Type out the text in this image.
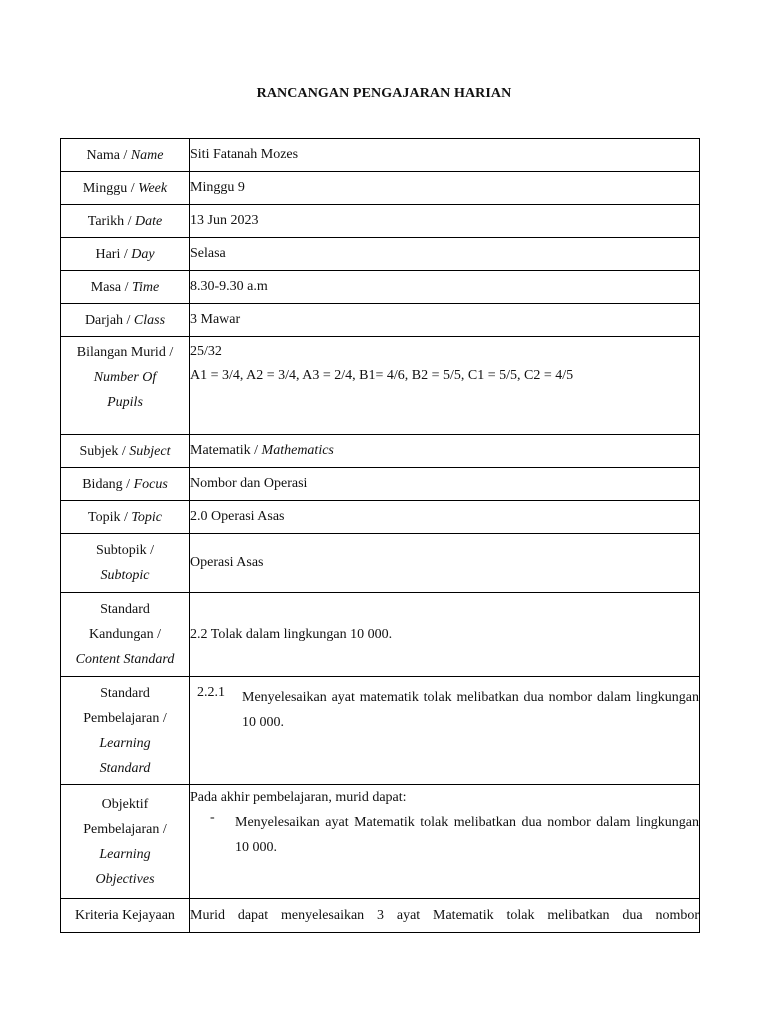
RANCANGAN PENGAJARAN HARIAN
Nama / Name	Siti Fatanah Mozes
Minggu / Week	Minggu 9
Tarikh / Date	13 Jun 2023
Hari / Day	Selasa
Masa / Time	8.30-9.30 a.m
Darjah / Class	3 Mawar

Bilangan Murid /
Number Of
Pupils	25/32
A1 = 3/4, A2 = 3/4, A3 = 2/4, B1= 4/6, B2 = 5/5, C1 = 5/5, C2 = 4/5

Subjek / Subject	Matematik / Mathematics
Bidang / Focus	Nombor dan Operasi
Topik / Topic	2.0 Operasi Asas

Subtopik /
Subtopic	Operasi Asas

Standard
Kandungan /
Content Standard	2.2 Tolak dalam lingkungan 10 000.

Standard
Pembelajaran /
Learning
Standard	2.2.1 Menyelesaikan ayat matematik tolak melibatkan dua nombor dalam lingkungan 10 000.

Objektif
Pembelajaran /
Learning
Objectives	Pada akhir pembelajaran, murid dapat:
- Menyelesaikan ayat Matematik tolak melibatkan dua nombor dalam lingkungan 10 000.

Kriteria Kejayaan	Murid dapat menyelesaikan 3 ayat Matematik tolak melibatkan dua nombor
